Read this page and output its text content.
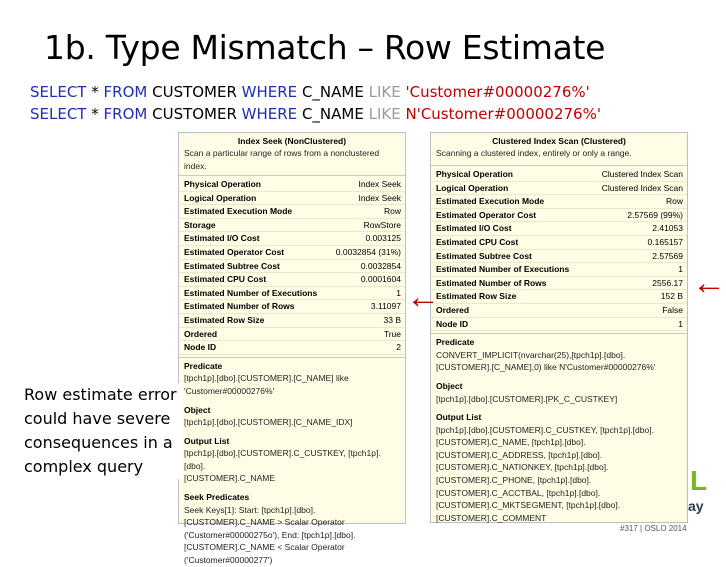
1b. Type Mismatch – Row Estimate
SELECT * FROM CUSTOMER WHERE C_NAME LIKE 'Customer#00000276%'
SELECT * FROM CUSTOMER WHERE C_NAME LIKE N'Customer#00000276%'
Index Seek (NonClustered)
Scan a particular range of rows from a nonclustered index.
Physical Operation	Index Seek
Logical Operation	Index Seek
Estimated Execution Mode	Row
Storage	RowStore
Estimated I/O Cost	0.003125
Estimated Operator Cost	0.0032854 (31%)
Estimated Subtree Cost	0.0032854
Estimated CPU Cost	0.0001604
Estimated Number of Executions	1
Estimated Number of Rows	3.11097
Estimated Row Size	33 B
Ordered	True
Node ID	2
Predicate
[tpch1p].[dbo].[CUSTOMER].[C_NAME] like
'Customer#00000276%'
Object
[tpch1p].[dbo].[CUSTOMER].[C_NAME_IDX]
Output List
[tpch1p].[dbo].[CUSTOMER].C_CUSTKEY, [tpch1p].[dbo].
[CUSTOMER].C_NAME
Seek Predicates
Seek Keys[1]: Start: [tpch1p].[dbo].
[CUSTOMER].C_NAME > Scalar Operator
('Customer#00000275o'), End: [tpch1p].[dbo].
[CUSTOMER].C_NAME < Scalar Operator
('Customer#00000277')
Clustered Index Scan (Clustered)
Scanning a clustered index, entirely or only a range.
Physical Operation	Clustered Index Scan
Logical Operation	Clustered Index Scan
Estimated Execution Mode	Row
Estimated Operator Cost	2.57569 (99%)
Estimated I/O Cost	2.41053
Estimated CPU Cost	0.165157
Estimated Subtree Cost	2.57569
Estimated Number of Executions	1
Estimated Number of Rows	2556.17
Estimated Row Size	152 B
Ordered	False
Node ID	1
Predicate
CONVERT_IMPLICIT(nvarchar(25),[tpch1p].[dbo].
[CUSTOMER].[C_NAME],0) like N'Customer#00000276%'
Object
[tpch1p].[dbo].[CUSTOMER].[PK_C_CUSTKEY]
Output List
[tpch1p].[dbo].[CUSTOMER].C_CUSTKEY, [tpch1p].[dbo].
[CUSTOMER].C_NAME, [tpch1p].[dbo].
[CUSTOMER].C_ADDRESS, [tpch1p].[dbo].
[CUSTOMER].C_NATIONKEY, [tpch1p].[dbo].
[CUSTOMER].C_PHONE, [tpch1p].[dbo].
[CUSTOMER].C_ACCTBAL, [tpch1p].[dbo].
[CUSTOMER].C_MKTSEGMENT, [tpch1p].[dbo].
[CUSTOMER].C_COMMENT
Row estimate error could have severe consequences in a complex query
←	←
L
ay
#317 | OSLO 2014
